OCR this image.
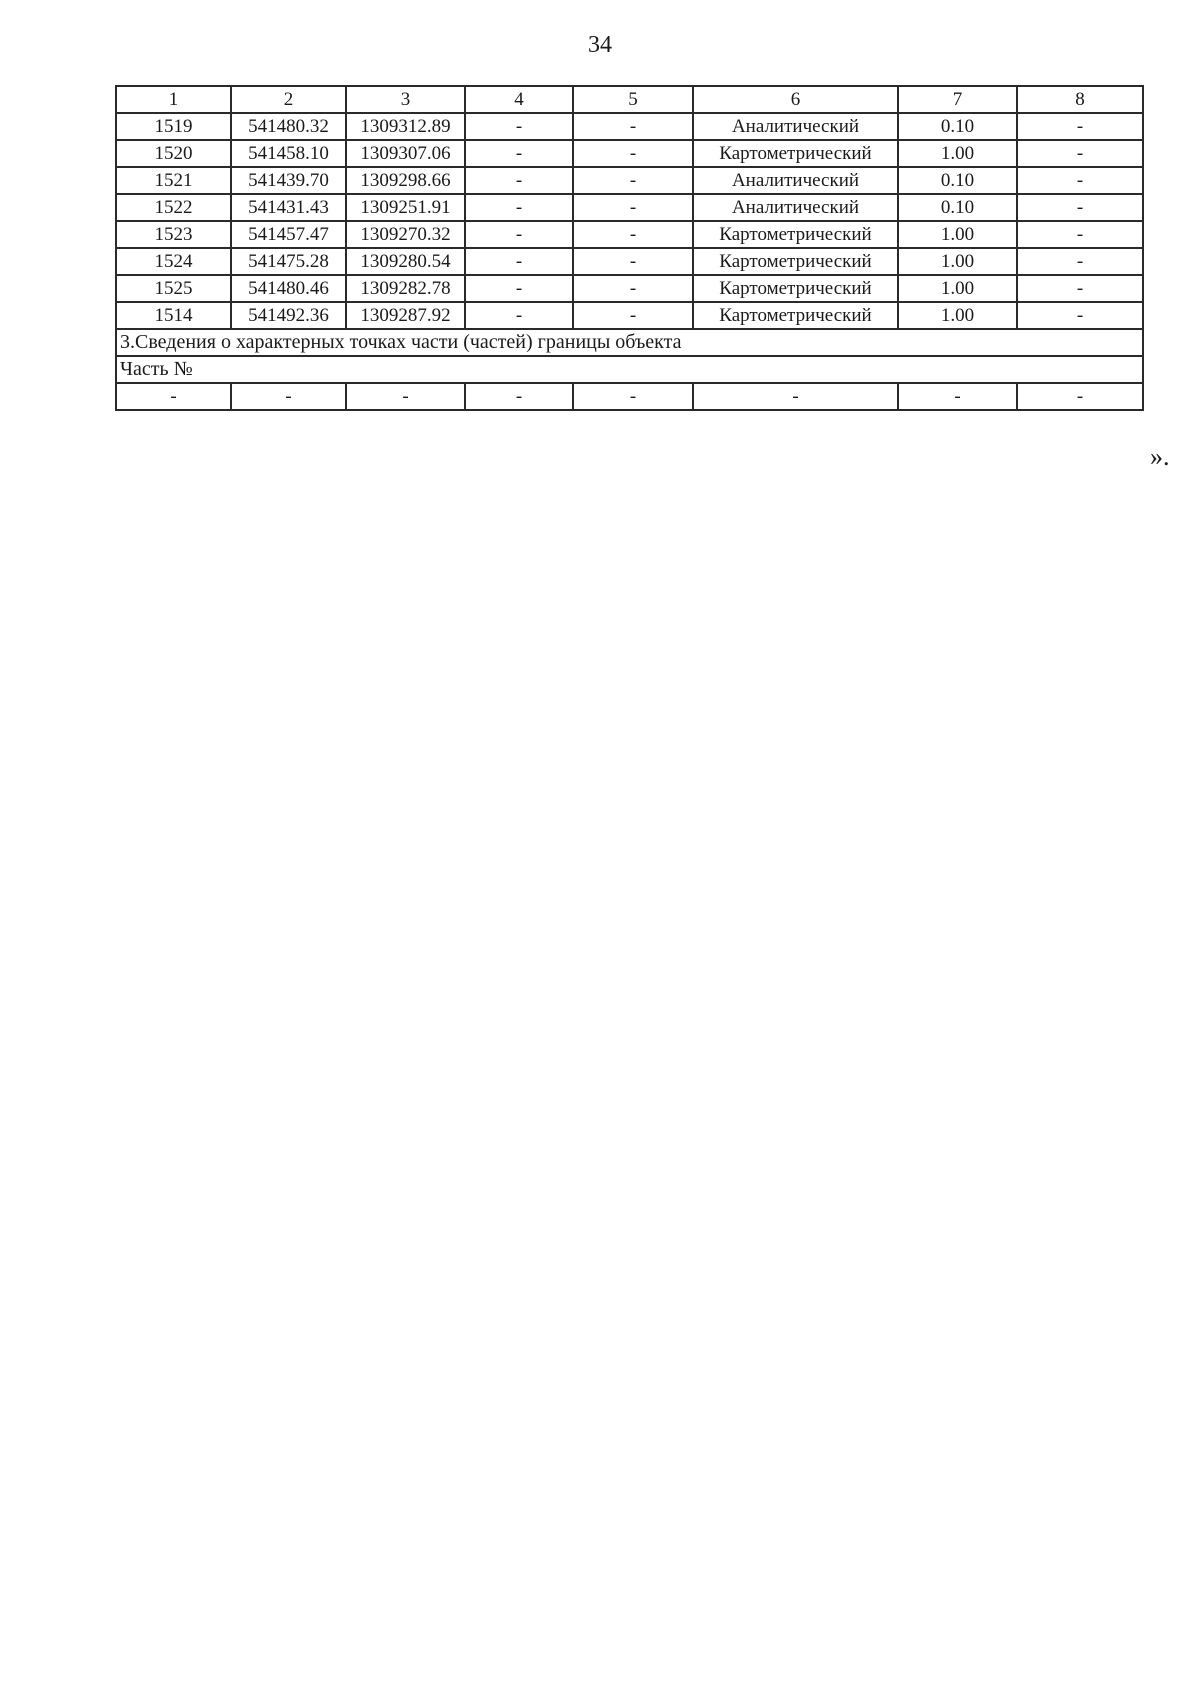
34
1	2	3	4	5	6	7	8
1519	541480.32	1309312.89	-	-	Аналитический	0.10	-
1520	541458.10	1309307.06	-	-	Картометрический	1.00	-
1521	541439.70	1309298.66	-	-	Аналитический	0.10	-
1522	541431.43	1309251.91	-	-	Аналитический	0.10	-
1523	541457.47	1309270.32	-	-	Картометрический	1.00	-
1524	541475.28	1309280.54	-	-	Картометрический	1.00	-
1525	541480.46	1309282.78	-	-	Картометрический	1.00	-
1514	541492.36	1309287.92	-	-	Картометрический	1.00	-
3.Сведения о характерных точках части (частей) границы объекта							
Часть №							
-	-	-	-	-	-	-	-
».
